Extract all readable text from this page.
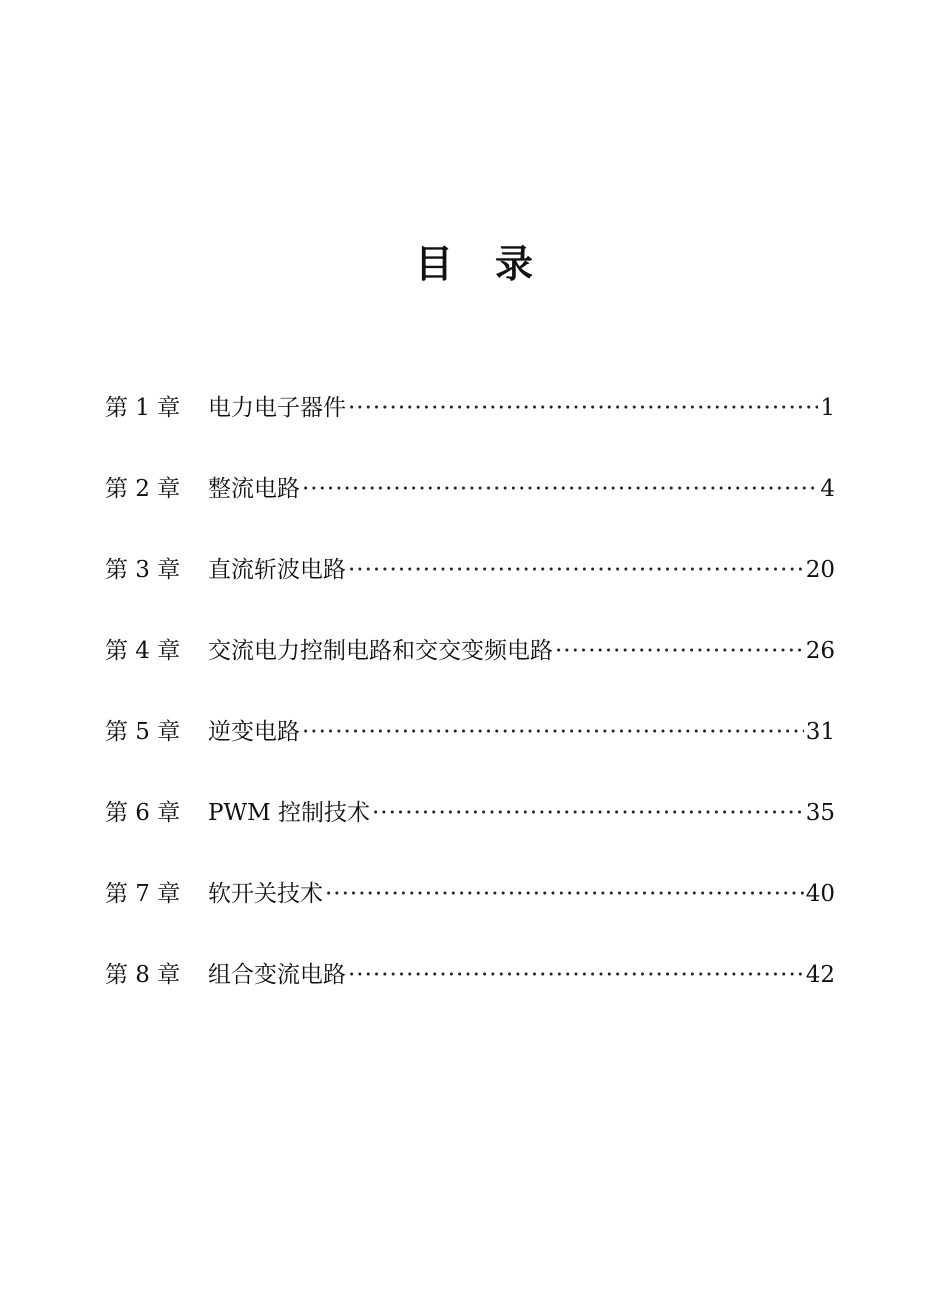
目　录
第 1 章	电力电子器件 ·····	1
第 2 章	整流电路 ·····	4
第 3 章	直流斩波电路 ·····	20
第 4 章	交流电力控制电路和交交变频电路 ·····	26
第 5 章	逆变电路 ·····	31
第 6 章	PWM 控制技术 ·····	35
第 7 章	软开关技术 ·····	40
第 8 章	组合变流电路 ·····	42
